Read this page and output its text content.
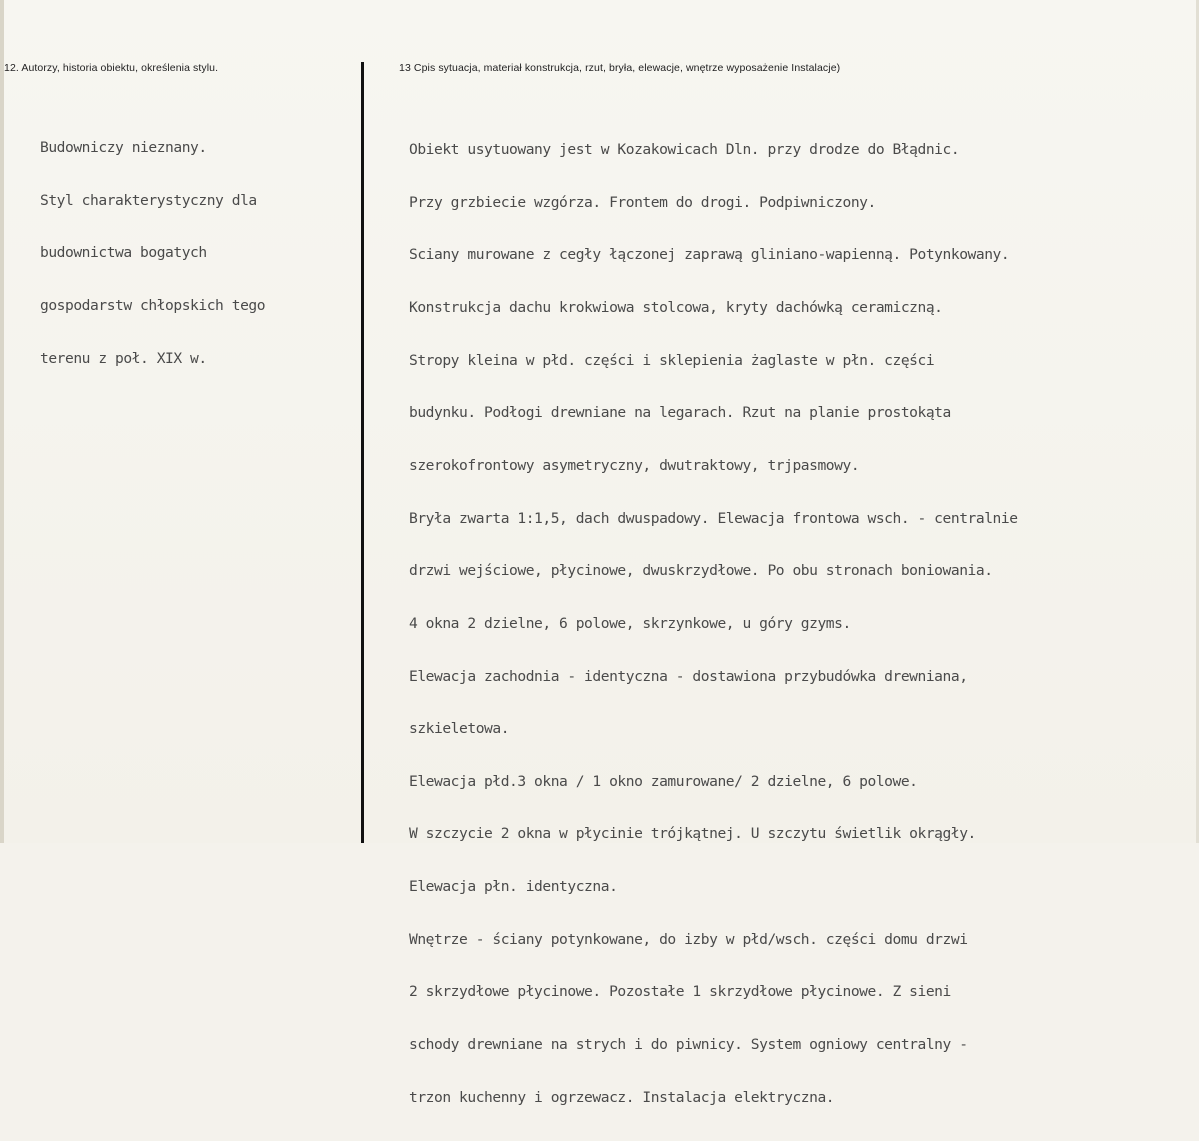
12. Autorzy, historia obiektu, określenia stylu.	13 Cpis sytuacja, materiał konstrukcja, rzut, bryła, elewacje, wnętrze wyposażenie Instalacje)

Budowniczy nieznany.

Styl charakterystyczny dla

budownictwa bogatych

gospodarstw chłopskich tego

terenu z poł. XIX w.

Obiekt usytuowany jest w Kozakowicach Dln. przy drodze do Błądnic.

Przy grzbiecie wzgórza. Frontem do drogi. Podpiwniczony.

Sciany murowane z cegły łączonej zaprawą gliniano-wapienną. Potynkowany.

Konstrukcja dachu krokwiowa stolcowa, kryty dachówką ceramiczną.

Stropy kleina w płd. części i sklepienia żaglaste w płn. części

budynku. Podłogi drewniane na legarach. Rzut na planie prostokąta

szerokofrontowy asymetryczny, dwutraktowy, trjpasmowy.

Bryła zwarta 1:1,5, dach dwuspadowy. Elewacja frontowa wsch. - centralnie

drzwi wejściowe, płycinowe, dwuskrzydłowe. Po obu stronach boniowania.

4 okna 2 dzielne, 6 polowe, skrzynkowe, u góry gzyms.

Elewacja zachodnia - identyczna - dostawiona przybudówka drewniana,

szkieletowa.

Elewacja płd.3 okna / 1 okno zamurowane/ 2 dzielne, 6 polowe.

W szczycie 2 okna w płycinie trójkątnej. U szczytu świetlik okrągły.

Elewacja płn. identyczna.

Wnętrze - ściany potynkowane, do izby w płd/wsch. części domu drzwi

2 skrzydłowe płycinowe. Pozostałe 1 skrzydłowe płycinowe. Z sieni

schody drewniane na strych i do piwnicy. System ogniowy centralny -

trzon kuchenny i ogrzewacz. Instalacja elektryczna.
